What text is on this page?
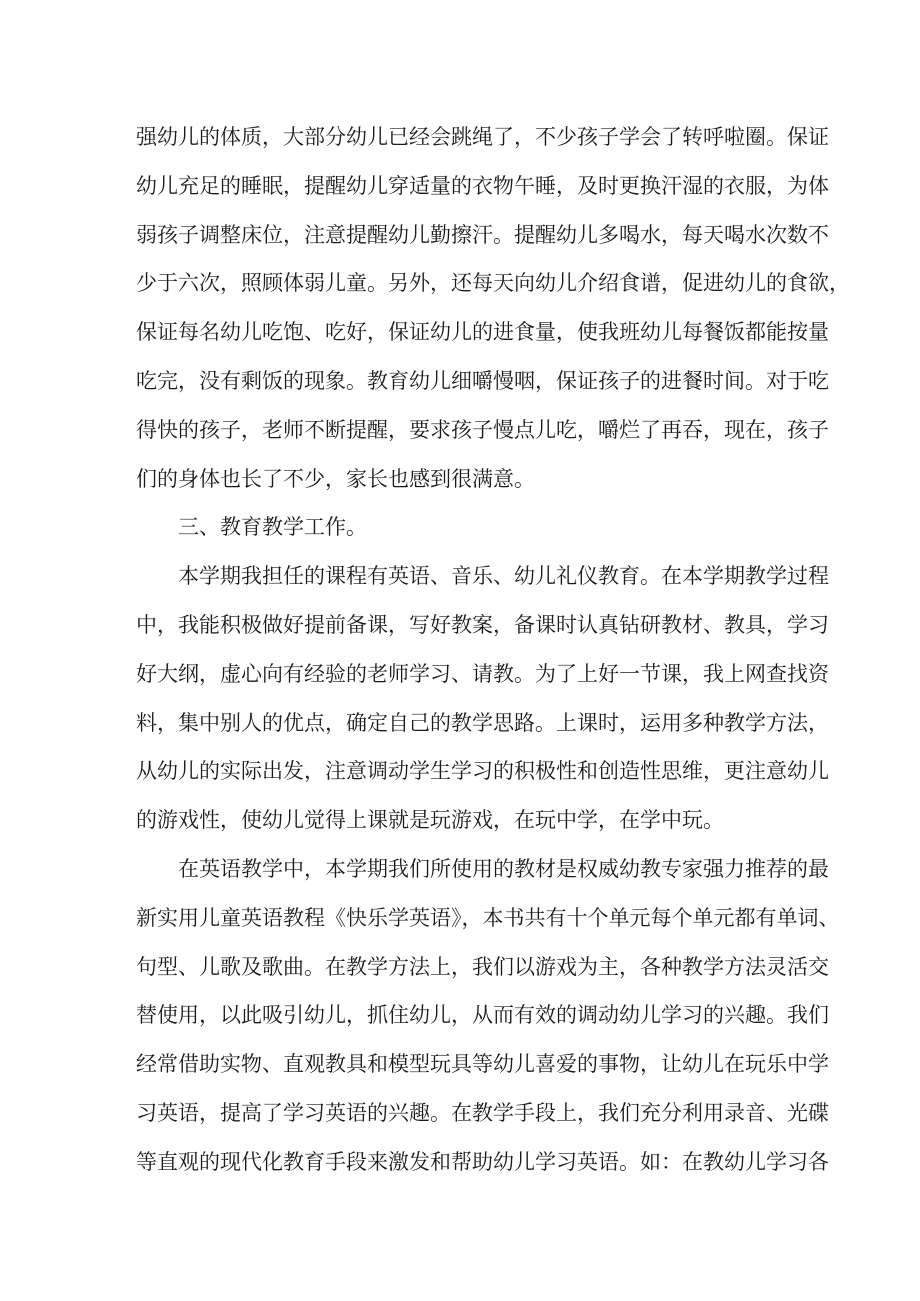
强幼儿的体质，大部分幼儿已经会跳绳了，不少孩子学会了转呼啦圈。保证
幼儿充足的睡眠，提醒幼儿穿适量的衣物午睡，及时更换汗湿的衣服，为体
弱孩子调整床位，注意提醒幼儿勤擦汗。提醒幼儿多喝水，每天喝水次数不
少于六次，照顾体弱儿童。另外，还每天向幼儿介绍食谱，促进幼儿的食欲，
保证每名幼儿吃饱、吃好，保证幼儿的进食量，使我班幼儿每餐饭都能按量
吃完，没有剩饭的现象。教育幼儿细嚼慢咽，保证孩子的进餐时间。对于吃
得快的孩子，老师不断提醒，要求孩子慢点儿吃，嚼烂了再吞，现在，孩子
们的身体也长了不少，家长也感到很满意。
三、教育教学工作。
本学期我担任的课程有英语、音乐、幼儿礼仪教育。在本学期教学过程
中，我能积极做好提前备课，写好教案，备课时认真钻研教材、教具，学习
好大纲，虚心向有经验的老师学习、请教。为了上好一节课，我上网查找资
料，集中别人的优点，确定自己的教学思路。上课时，运用多种教学方法，
从幼儿的实际出发，注意调动学生学习的积极性和创造性思维，更注意幼儿
的游戏性，使幼儿觉得上课就是玩游戏，在玩中学，在学中玩。
在英语教学中，本学期我们所使用的教材是权威幼教专家强力推荐的最
新实用儿童英语教程《快乐学英语》，本书共有十个单元每个单元都有单词、
句型、儿歌及歌曲。在教学方法上，我们以游戏为主，各种教学方法灵活交
替使用，以此吸引幼儿，抓住幼儿，从而有效的调动幼儿学习的兴趣。我们
经常借助实物、直观教具和模型玩具等幼儿喜爱的事物，让幼儿在玩乐中学
习英语，提高了学习英语的兴趣。在教学手段上，我们充分利用录音、光碟
等直观的现代化教育手段来激发和帮助幼儿学习英语。如：在教幼儿学习各
